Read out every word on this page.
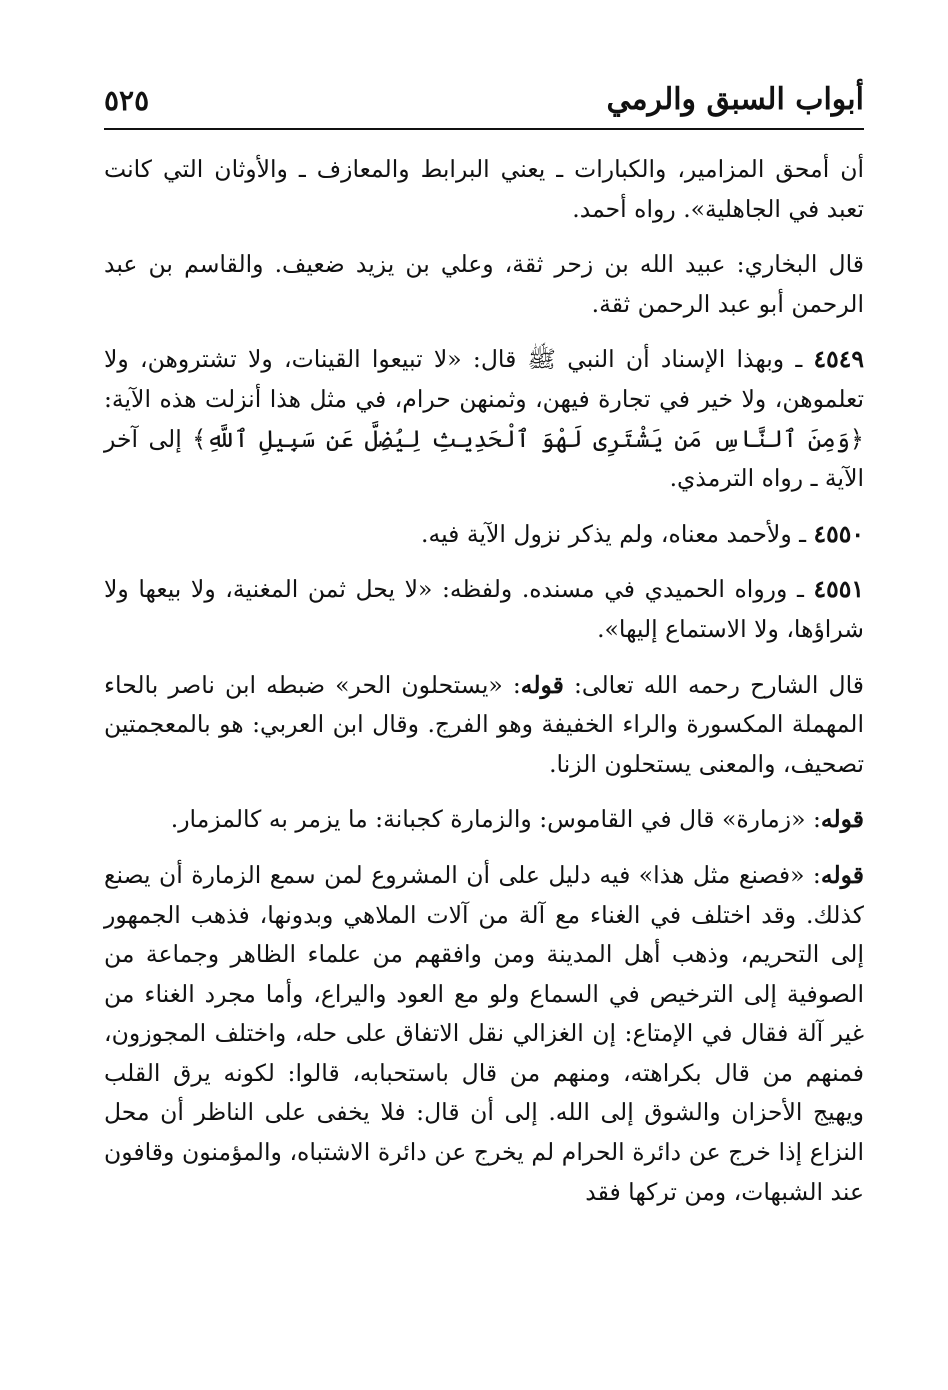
أبواب السبق والرمي
٥٢٥

أن أمحق المزامير، والكبارات ـ يعني البرابط والمعازف ـ والأوثان التي كانت تعبد في الجاهلية». رواه أحمد.

قال البخاري: عبيد الله بن زحر ثقة، وعلي بن يزيد ضعيف. والقاسم بن عبد الرحمن أبو عبد الرحمن ثقة.

٤٥٤٩ ـ وبهذا الإسناد أن النبي ﷺ قال: «لا تبيعوا القينات، ولا تشتروهن، ولا تعلموهن، ولا خير في تجارة فيهن، وثمنهن حرام، في مثل هذا أنزلت هذه الآية: ﴿وَمِنَ ٱلنَّاسِ مَن يَشْتَرِى لَهْوَ ٱلْحَدِيثِ لِيُضِلَّ عَن سَبِيلِ ٱللَّهِ﴾ إلى آخر الآية ـ رواه الترمذي.

٤٥٥٠ ـ ولأحمد معناه، ولم يذكر نزول الآية فيه.

٤٥٥١ ـ ورواه الحميدي في مسنده. ولفظه: «لا يحل ثمن المغنية، ولا بيعها ولا شراؤها، ولا الاستماع إليها».

قال الشارح رحمه الله تعالى: قوله: «يستحلون الحر» ضبطه ابن ناصر بالحاء المهملة المكسورة والراء الخفيفة وهو الفرج. وقال ابن العربي: هو بالمعجمتين تصحيف، والمعنى يستحلون الزنا.

قوله: «زمارة» قال في القاموس: والزمارة كجبانة: ما يزمر به كالمزمار.

قوله: «فصنع مثل هذا» فيه دليل على أن المشروع لمن سمع الزمارة أن يصنع كذلك. وقد اختلف في الغناء مع آلة من آلات الملاهي وبدونها، فذهب الجمهور إلى التحريم، وذهب أهل المدينة ومن وافقهم من علماء الظاهر وجماعة من الصوفية إلى الترخيص في السماع ولو مع العود واليراع، وأما مجرد الغناء من غير آلة فقال في الإمتاع: إن الغزالي نقل الاتفاق على حله، واختلف المجوزون، فمنهم من قال بكراهته، ومنهم من قال باستحبابه، قالوا: لكونه يرق القلب ويهيج الأحزان والشوق إلى الله. إلى أن قال: فلا يخفى على الناظر أن محل النزاع إذا خرج عن دائرة الحرام لم يخرج عن دائرة الاشتباه، والمؤمنون وقافون عند الشبهات، ومن تركها فقد
